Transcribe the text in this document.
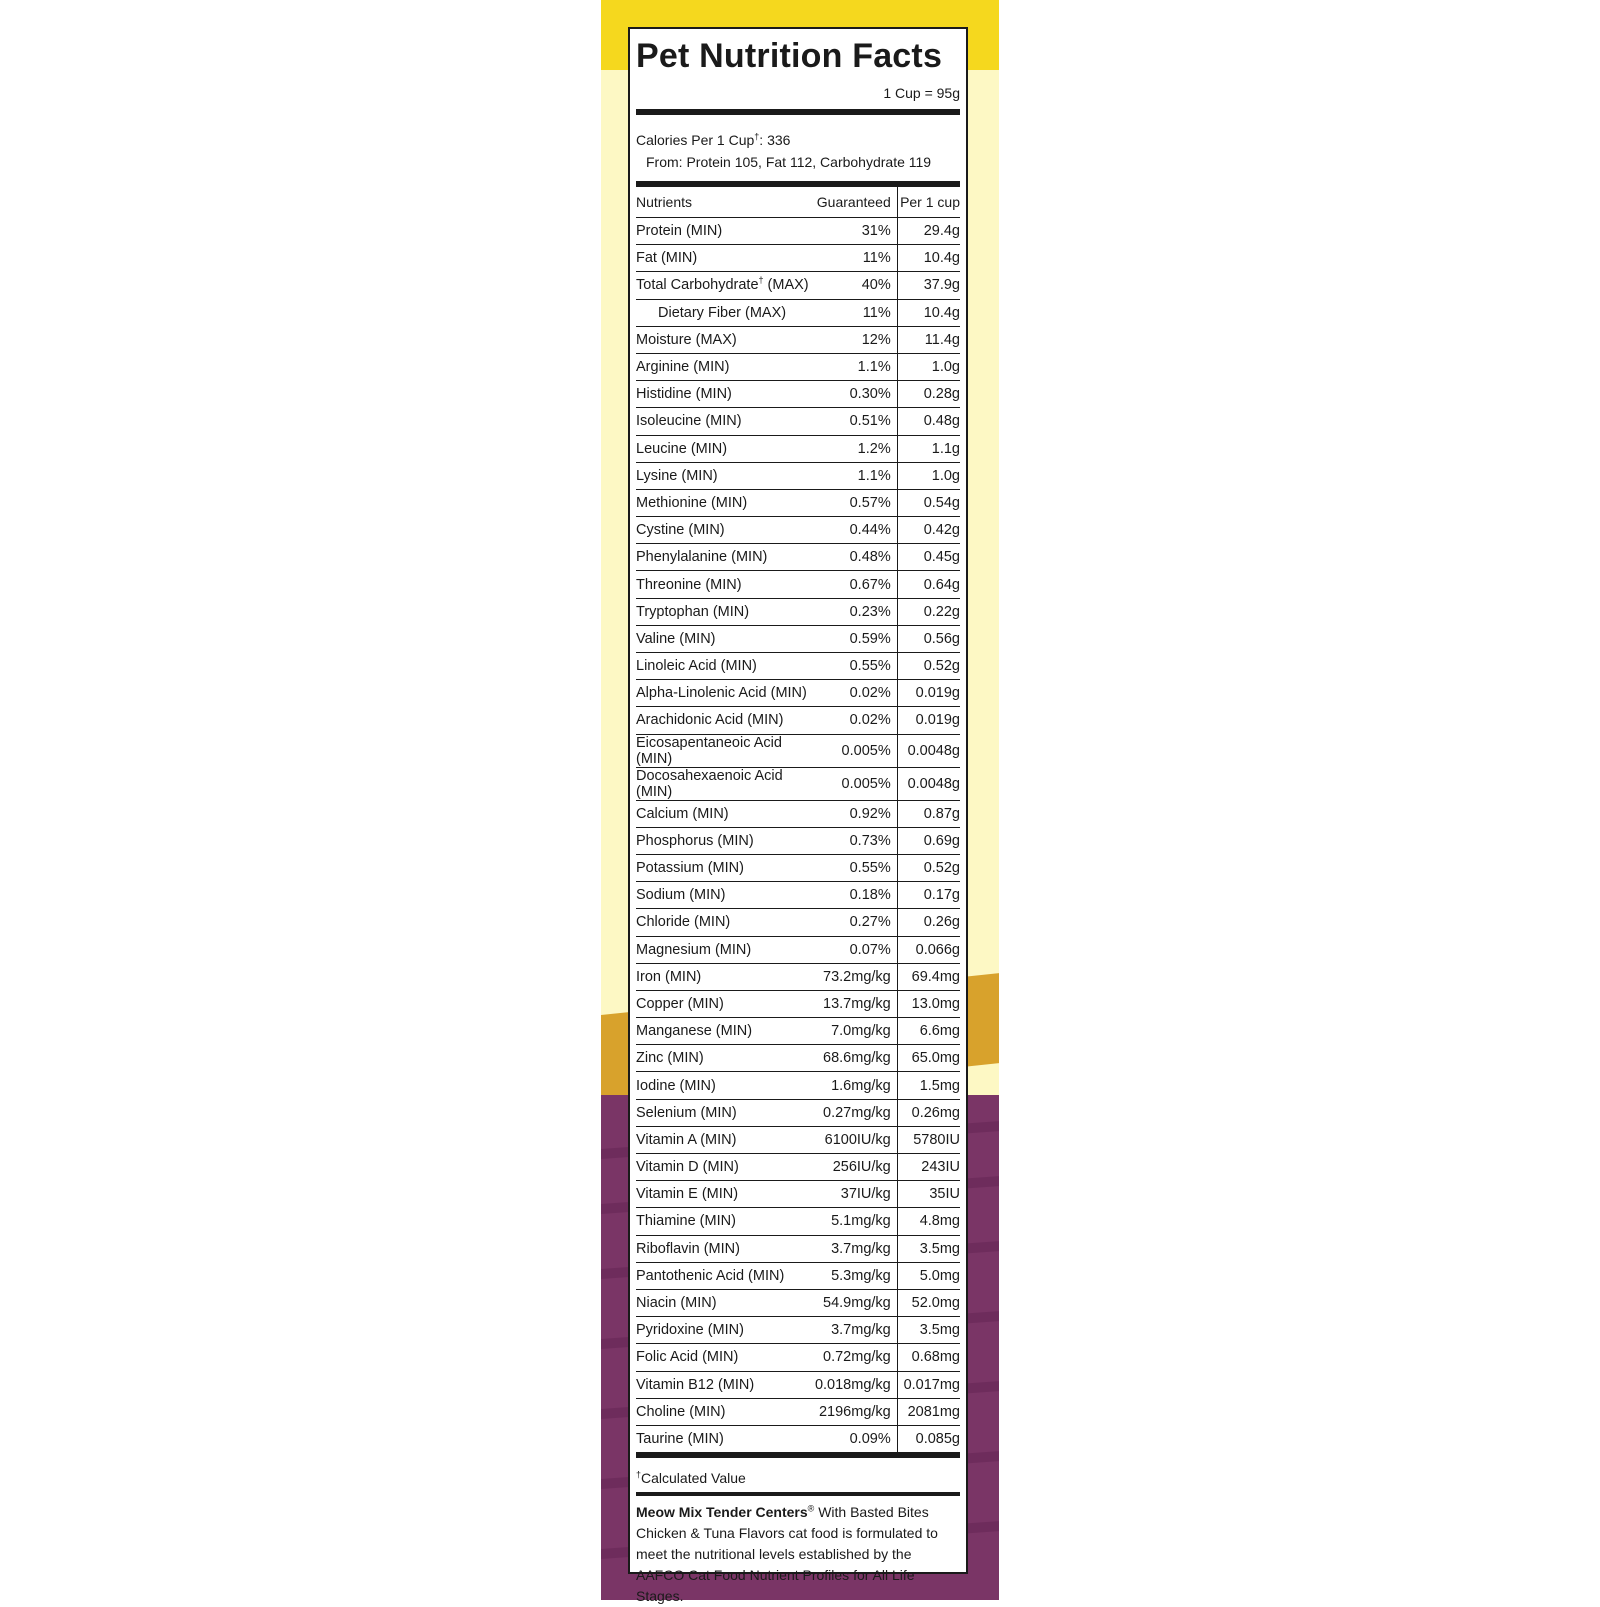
Pet Nutrition Facts
1 Cup = 95g
Calories Per 1 Cup†: 336
From: Protein 105, Fat 112, Carbohydrate 119
Nutrients	Guaranteed	Per 1 cup
Protein (MIN)	31%	29.4g
Fat (MIN)	11%	10.4g
Total Carbohydrate† (MAX)	40%	37.9g
Dietary Fiber (MAX)	11%	10.4g
Moisture (MAX)	12%	11.4g
Arginine (MIN)	1.1%	1.0g
Histidine (MIN)	0.30%	0.28g
Isoleucine (MIN)	0.51%	0.48g
Leucine (MIN)	1.2%	1.1g
Lysine (MIN)	1.1%	1.0g
Methionine (MIN)	0.57%	0.54g
Cystine (MIN)	0.44%	0.42g
Phenylalanine (MIN)	0.48%	0.45g
Threonine (MIN)	0.67%	0.64g
Tryptophan (MIN)	0.23%	0.22g
Valine (MIN)	0.59%	0.56g
Linoleic Acid (MIN)	0.55%	0.52g
Alpha-Linolenic Acid (MIN)	0.02%	0.019g
Arachidonic Acid (MIN)	0.02%	0.019g
Eicosapentaneoic Acid (MIN)	0.005%	0.0048g
Docosahexaenoic Acid (MIN)	0.005%	0.0048g
Calcium (MIN)	0.92%	0.87g
Phosphorus (MIN)	0.73%	0.69g
Potassium (MIN)	0.55%	0.52g
Sodium (MIN)	0.18%	0.17g
Chloride (MIN)	0.27%	0.26g
Magnesium (MIN)	0.07%	0.066g
Iron (MIN)	73.2mg/kg	69.4mg
Copper (MIN)	13.7mg/kg	13.0mg
Manganese (MIN)	7.0mg/kg	6.6mg
Zinc (MIN)	68.6mg/kg	65.0mg
Iodine (MIN)	1.6mg/kg	1.5mg
Selenium (MIN)	0.27mg/kg	0.26mg
Vitamin A (MIN)	6100IU/kg	5780IU
Vitamin D (MIN)	256IU/kg	243IU
Vitamin E (MIN)	37IU/kg	35IU
Thiamine (MIN)	5.1mg/kg	4.8mg
Riboflavin (MIN)	3.7mg/kg	3.5mg
Pantothenic Acid (MIN)	5.3mg/kg	5.0mg
Niacin (MIN)	54.9mg/kg	52.0mg
Pyridoxine (MIN)	3.7mg/kg	3.5mg
Folic Acid (MIN)	0.72mg/kg	0.68mg
Vitamin B12 (MIN)	0.018mg/kg	0.017mg
Choline (MIN)	2196mg/kg	2081mg
Taurine (MIN)	0.09%	0.085g
†Calculated Value
Meow Mix Tender Centers® With Basted Bites Chicken & Tuna Flavors cat food is formulated to meet the nutritional levels established by the AAFCO Cat Food Nutrient Profiles for All Life Stages.
